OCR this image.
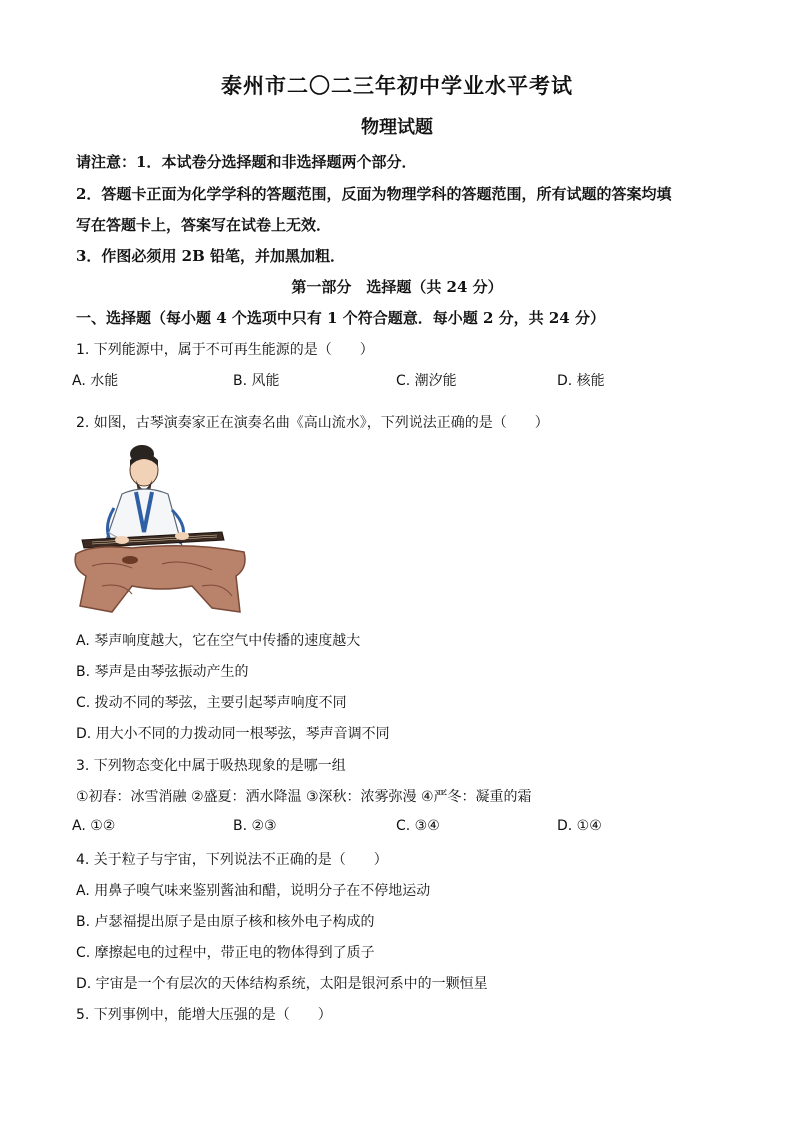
泰州市二〇二三年初中学业水平考试
物理试题
请注意：1．本试卷分选择题和非选择题两个部分．
2．答题卡正面为化学学科的答题范围，反面为物理学科的答题范围，所有试题的答案均填
写在答题卡上，答案写在试卷上无效．
3．作图必须用 2B 铅笔，并加黑加粗．
第一部分　选择题（共 24 分）
一、选择题（每小题 4 个选项中只有 1 个符合题意．每小题 2 分，共 24 分）
1. 下列能源中，属于不可再生能源的是（　　）
A. 水能	B. 风能	C. 潮汐能	D. 核能
2. 如图，古琴演奏家正在演奏名曲《高山流水》，下列说法正确的是（　　）
A. 琴声响度越大，它在空气中传播的速度越大
B. 琴声是由琴弦振动产生的
C. 拨动不同的琴弦，主要引起琴声响度不同
D. 用大小不同的力拨动同一根琴弦，琴声音调不同
3. 下列物态变化中属于吸热现象的是哪一组
①初春：冰雪消融 ②盛夏：洒水降温 ③深秋：浓雾弥漫 ④严冬：凝重的霜
A. ①②	B. ②③	C. ③④	D. ①④
4. 关于粒子与宇宙，下列说法不正确的是（　　）
A. 用鼻子嗅气味来鉴别酱油和醋，说明分子在不停地运动
B. 卢瑟福提出原子是由原子核和核外电子构成的
C. 摩擦起电的过程中，带正电的物体得到了质子
D. 宇宙是一个有层次的天体结构系统，太阳是银河系中的一颗恒星
5. 下列事例中，能增大压强的是（　　）
